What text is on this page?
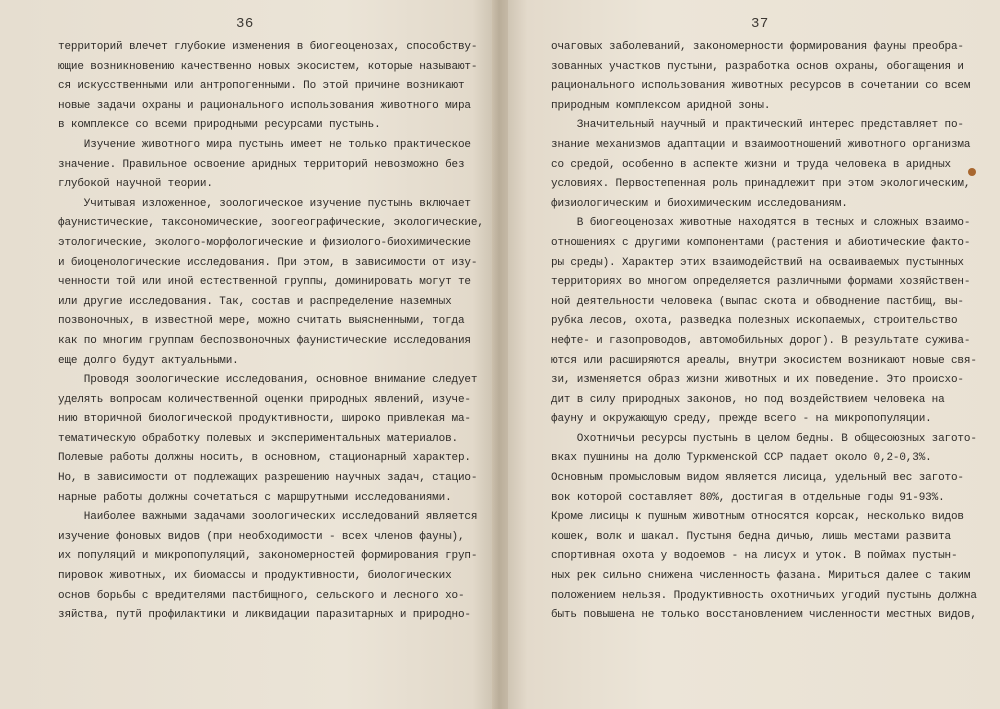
36
территорий влечет глубокие изменения в биогеоценозах, способству-
ющие возникновению качественно новых экосистем, которые называют-
ся искусственными или антропогенными. По этой причине возникают
новые задачи охраны и рационального использования животного мира
в комплексе со всеми природными ресурсами пустынь.
Изучение животного мира пустынь имеет не только практическое
значение. Правильное освоение аридных территорий невозможно без
глубокой научной теории.
Учитывая изложенное, зоологическое изучение пустынь включает
фаунистические, таксономические, зоогеографические, экологические,
этологические, эколого-морфологические и физиолого-биохимические
и биоценологические исследования. При этом, в зависимости от изу-
ченности той или иной естественной группы, доминировать могут те
или другие исследования. Так, состав и распределение наземных
позвоночных, в известной мере, можно считать выясненными, тогда
как по многим группам беспозвоночных фаунистические исследования
еще долго будут актуальными.
Проводя зоологические исследования, основное внимание следует
уделять вопросам количественной оценки природных явлений, изуче-
нию вторичной биологической продуктивности, широко привлекая ма-
тематическую обработку полевых и экспериментальных материалов.
Полевые работы должны носить, в основном, стационарный характер.
Но, в зависимости от подлежащих разрешению научных задач, стацио-
нарные работы должны сочетаться с маршрутными исследованиями.
Наиболее важными задачами зоологических исследований является
изучение фоновых видов (при необходимости - всех членов фауны),
их популяций и микропопуляций, закономерностей формирования груп-
пировок животных, их биомассы и продуктивности, биологических
основ борьбы с вредителями пастбищного, сельского и лесного хо-
зяйства, путй профилактики и ликвидации паразитарных и природно-
37
очаговых заболеваний, закономерности формирования фауны преобра-
зованных участков пустыни, разработка основ охраны, обогащения и
рационального использования животных ресурсов в сочетании со всем
природным комплексом аридной зоны.
Значительный научный и практический интерес представляет по-
знание механизмов адаптации и взаимоотношений животного организма
со средой, особенно в аспекте жизни и труда человека в аридных
условиях. Первостепенная роль принадлежит при этом экологическим,
физиологическим и биохимическим исследованиям.
В биогеоценозах животные находятся в тесных и сложных взаимо-
отношениях с другими компонентами (растения и абиотические факто-
ры среды). Характер этих взаимодействий на осваиваемых пустынных
территориях во многом определяется различными формами хозяйствен-
ной деятельности человека (выпас скота и обводнение пастбищ, вы-
рубка лесов, охота, разведка полезных ископаемых, строительство
нефте- и газопроводов, автомобильных дорог). В результате сужива-
ются или расширяются ареалы, внутри экосистем возникают новые свя-
зи, изменяется образ жизни животных и их поведение. Это происхо-
дит в силу природных законов, но под воздействием человека на
фауну и окружающую среду, прежде всего - на микропопуляции.
Охотничьи ресурсы пустынь в целом бедны. В общесоюзных загото-
вках пушнины на долю Туркменской ССР падает около 0,2-0,3%.
Основным промысловым видом является лисица, удельный вес загото-
вок которой составляет 80%, достигая в отдельные годы 91-93%.
Кроме лисицы к пушным животным относятся корсак, несколько видов
кошек, волк и шакал. Пустыня бедна дичью, лишь местами развита
спортивная охота у водоемов - на лисух и уток. В поймах пустын-
ных рек сильно снижена численность фазана. Мириться далее с таким
положением нельзя. Продуктивность охотничьих угодий пустынь должна
быть повышена не только восстановлением численности местных видов,
